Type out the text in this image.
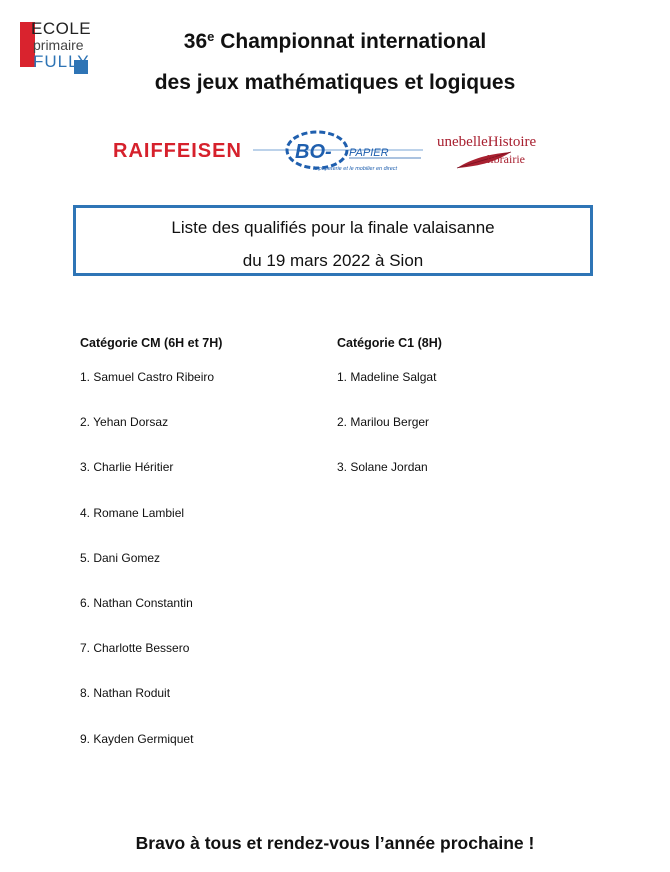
ECOLE
primaire
FULLY
36e Championnat international
des jeux mathématiques et logiques
RAIFFEISEN	BO- PAPIER
la papeterie et le mobilier en direct
unebelleHistoire
librairie
Liste des qualifiés pour la finale valaisanne
du 19 mars 2022 à Sion
Catégorie CM (6H et 7H)	Catégorie C1 (8H)
1. Samuel Castro Ribeiro
2. Yehan Dorsaz
3. Charlie Héritier
4. Romane Lambiel
5. Dani Gomez
6. Nathan Constantin
7. Charlotte Bessero
8. Nathan Roduit
9. Kayden Germiquet
1. Madeline Salgat
2. Marilou Berger
3. Solane Jordan
Bravo à tous et rendez-vous l’année prochaine !
